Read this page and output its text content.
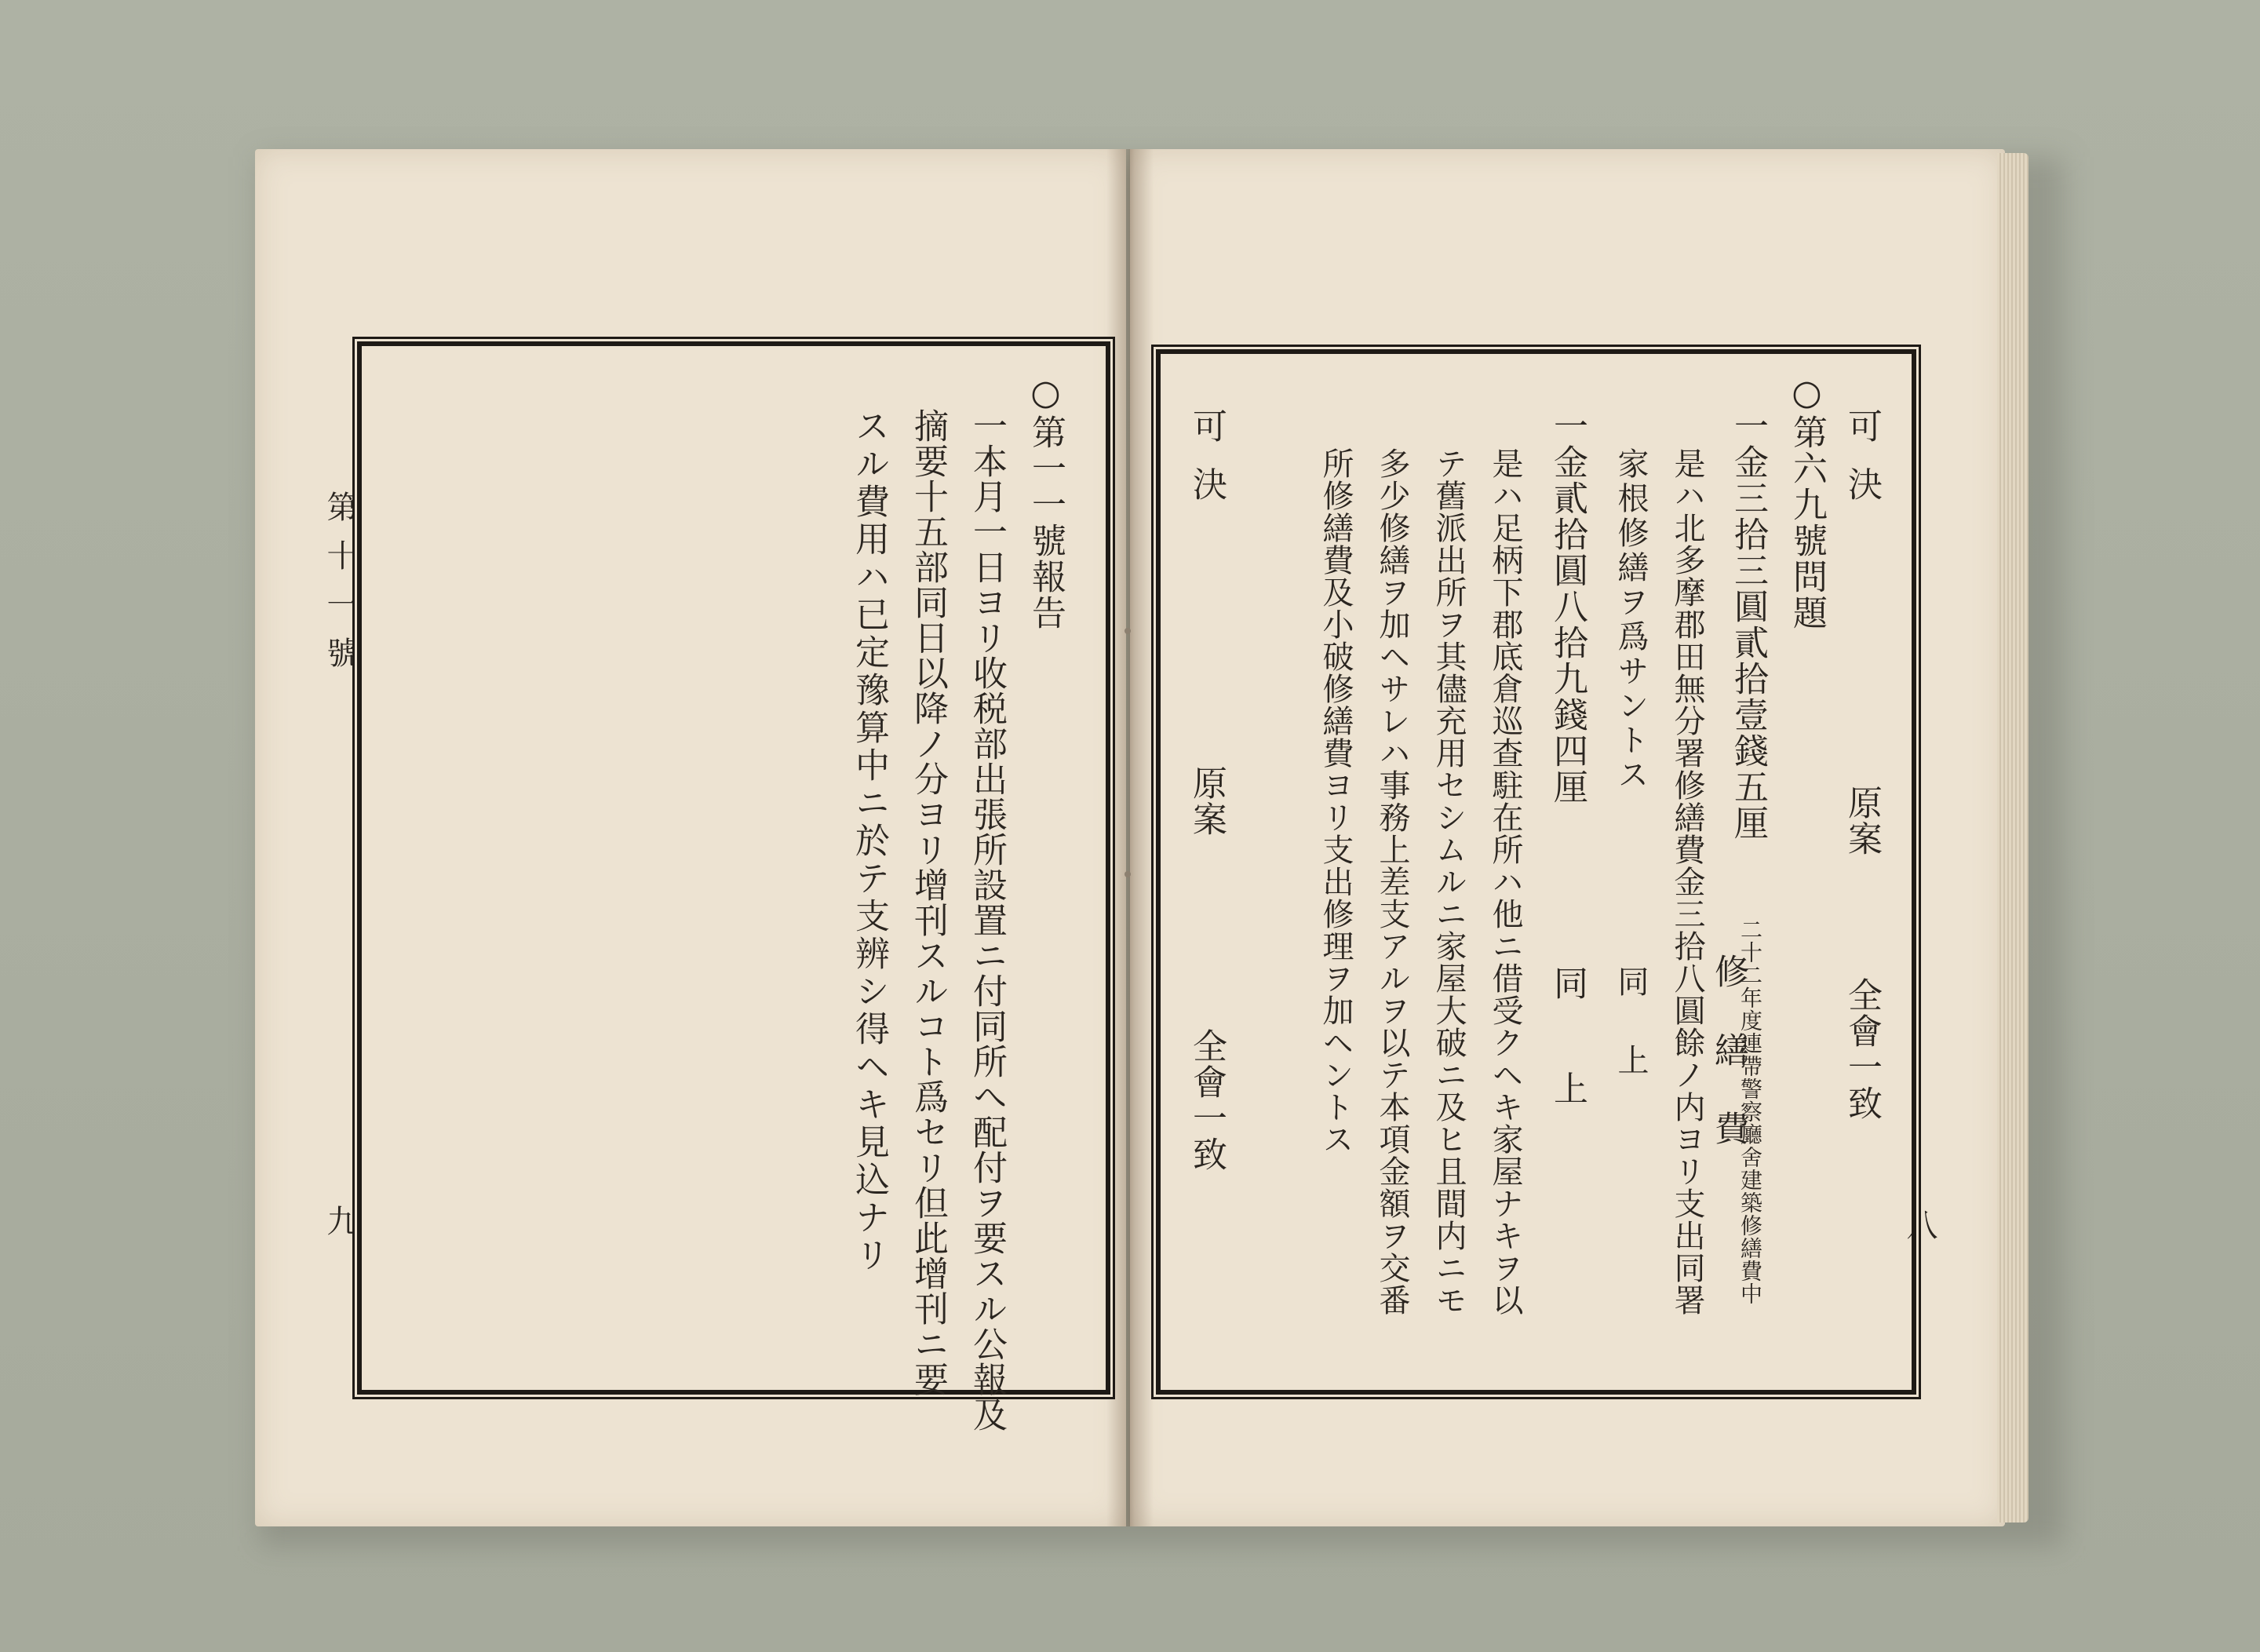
第十一號
九
○第一一號報告
一本月一日ヨリ收税部出張所設置ニ付同所へ配付ヲ要スル公報及
摘要十五部同日以降ノ分ヨリ增刊スルコト爲セリ但此增刊ニ要
スル費用ハ已定豫算中ニ於テ支辨シ得ヘキ見込ナリ	八
可決
原案
全會一致
○第六九號問題
一金三拾三圓貳拾壹錢五厘
二十二年度連帶警察廳舍建築修繕費中
修
繕
費
是ハ北多摩郡田無分署修繕費金三拾八圓餘ノ内ヨリ支出同署
家根修繕ヲ爲サントス
同上
一金貳拾圓八拾九錢四厘
同上
是ハ足柄下郡底倉巡查駐在所ハ他ニ借受クヘキ家屋ナキヲ以
テ舊派出所ヲ其儘充用セシムルニ家屋大破ニ及ヒ且間内ニモ
多少修繕ヲ加ヘサレハ事務上差支アルヲ以テ本項金額ヲ交番
所修繕費及小破修繕費ヨリ支出修理ヲ加ヘントス
可決
原案
全會一致
